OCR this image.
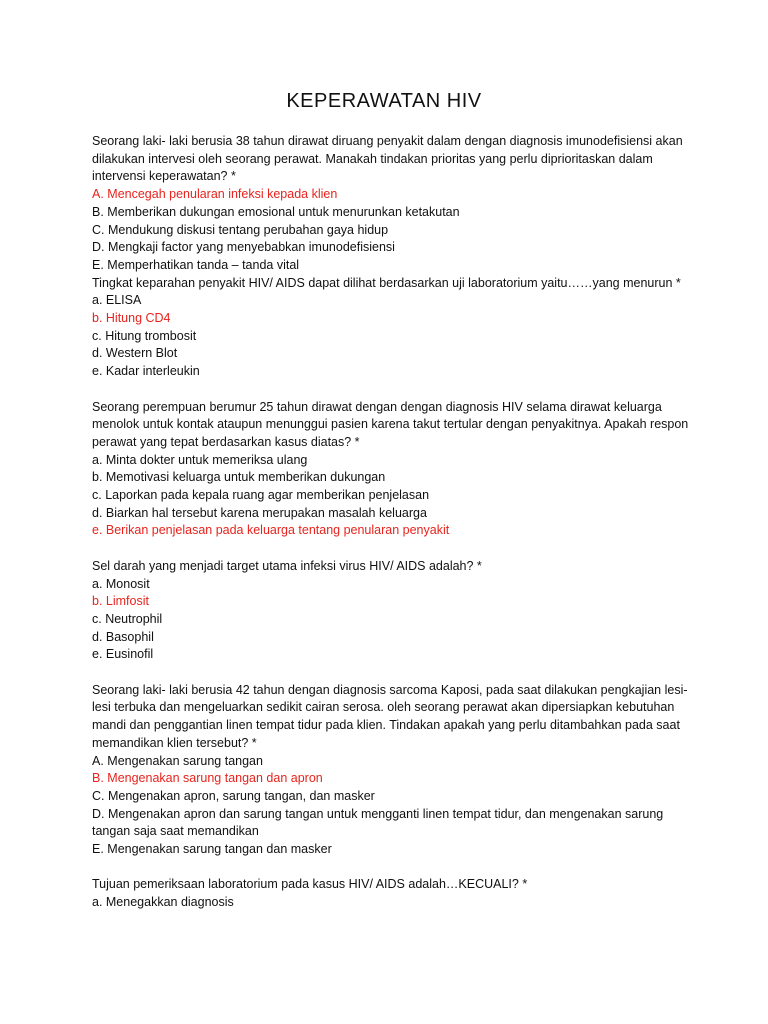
KEPERAWATAN HIV

Seorang laki- laki berusia 38 tahun dirawat diruang penyakit dalam dengan diagnosis imunodefisiensi akan dilakukan intervesi oleh seorang perawat. Manakah tindakan prioritas yang perlu diprioritaskan dalam intervensi keperawatan? *

A. Mencegah penularan infeksi kepada klien

B. Memberikan dukungan emosional untuk menurunkan ketakutan

C. Mendukung diskusi tentang perubahan gaya hidup

D. Mengkaji factor yang menyebabkan imunodefisiensi

E. Memperhatikan tanda – tanda vital

Tingkat keparahan penyakit HIV/ AIDS dapat dilihat berdasarkan uji laboratorium yaitu……yang menurun *

a. ELISA

b. Hitung CD4

c. Hitung trombosit

d. Western Blot

e. Kadar interleukin

Seorang perempuan berumur 25 tahun dirawat dengan dengan diagnosis HIV selama dirawat keluarga menolok untuk kontak ataupun menunggui pasien karena takut tertular dengan penyakitnya. Apakah respon perawat yang tepat berdasarkan kasus diatas? *

a. Minta dokter untuk memeriksa ulang

b. Memotivasi keluarga untuk memberikan dukungan

c. Laporkan pada kepala ruang agar memberikan penjelasan

d. Biarkan hal tersebut karena merupakan masalah keluarga

e. Berikan penjelasan pada keluarga tentang penularan penyakit

Sel darah yang menjadi target utama infeksi virus HIV/ AIDS adalah? *

a. Monosit

b. Limfosit

c. Neutrophil

d. Basophil

e. Eusinofil

Seorang laki- laki berusia 42 tahun dengan diagnosis sarcoma Kaposi, pada saat dilakukan pengkajian lesi- lesi terbuka dan mengeluarkan sedikit cairan serosa. oleh seorang perawat akan dipersiapkan kebutuhan mandi dan penggantian linen tempat tidur pada klien. Tindakan apakah yang perlu ditambahkan pada saat memandikan klien tersebut? *

A. Mengenakan sarung tangan

B. Mengenakan sarung tangan dan apron

C. Mengenakan apron, sarung tangan, dan masker

D. Mengenakan apron dan sarung tangan untuk mengganti linen tempat tidur, dan mengenakan sarung tangan saja saat memandikan

E. Mengenakan sarung tangan dan masker

Tujuan pemeriksaan laboratorium pada kasus HIV/ AIDS adalah…KECUALI? *

a. Menegakkan diagnosis
